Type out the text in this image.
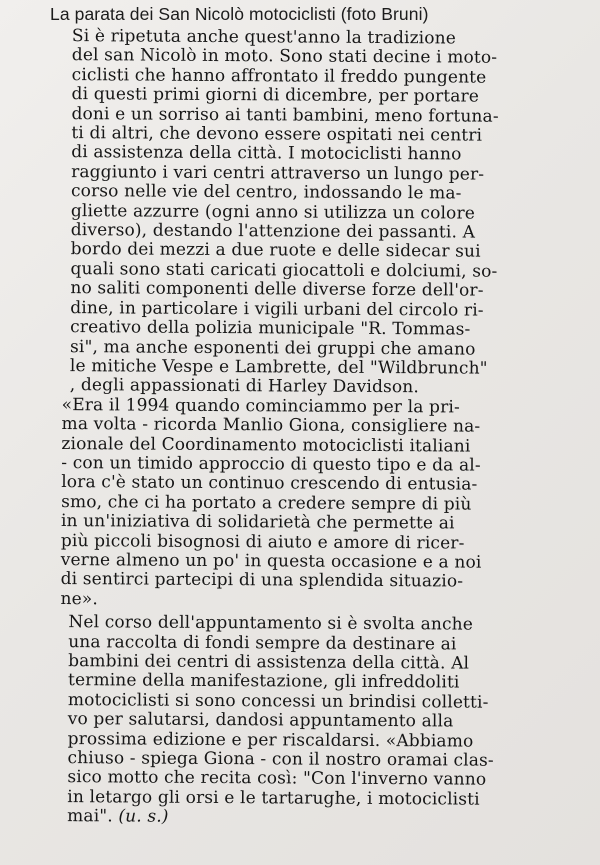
La parata dei San Nicolò motociclisti (foto Bruni)

Si è ripetuta anche quest'anno la tradizione
del san Nicolò in moto. Sono stati decine i moto-
ciclisti che hanno affrontato il freddo pungente
di questi primi giorni di dicembre, per portare
doni e un sorriso ai tanti bambini, meno fortuna-
ti di altri, che devono essere ospitati nei centri
di assistenza della città. I motociclisti hanno
raggiunto i vari centri attraverso un lungo per-
corso nelle vie del centro, indossando le ma-
gliette azzurre (ogni anno si utilizza un colore
diverso), destando l'attenzione dei passanti. A
bordo dei mezzi a due ruote e delle sidecar sui
quali sono stati caricati giocattoli e dolciumi, so-
no saliti componenti delle diverse forze dell'or-
dine, in particolare i vigili urbani del circolo ri-
creativo della polizia municipale "R. Tommas-
si", ma anche esponenti dei gruppi che amano
le mitiche Vespe e Lambrette, del "Wildbrunch"
, degli appassionati di Harley Davidson.

«Era il 1994 quando cominciammo per la pri-
ma volta - ricorda Manlio Giona, consigliere na-
zionale del Coordinamento motociclisti italiani
- con un timido approccio di questo tipo e da al-
lora c'è stato un continuo crescendo di entusia-
smo, che ci ha portato a credere sempre di più
in un'iniziativa di solidarietà che permette ai
più piccoli bisognosi di aiuto e amore di ricer-
verne almeno un po' in questa occasione e a noi
di sentirci partecipi di una splendida situazio-
ne».

Nel corso dell'appuntamento si è svolta anche
una raccolta di fondi sempre da destinare ai
bambini dei centri di assistenza della città. Al
termine della manifestazione, gli infreddoliti
motociclisti si sono concessi un brindisi colletti-
vo per salutarsi, dandosi appuntamento alla
prossima edizione e per riscaldarsi. «Abbiamo
chiuso - spiega Giona - con il nostro oramai clas-
sico motto che recita così: "Con l'inverno vanno
in letargo gli orsi e le tartarughe, i motociclisti
mai". (u. s.)
